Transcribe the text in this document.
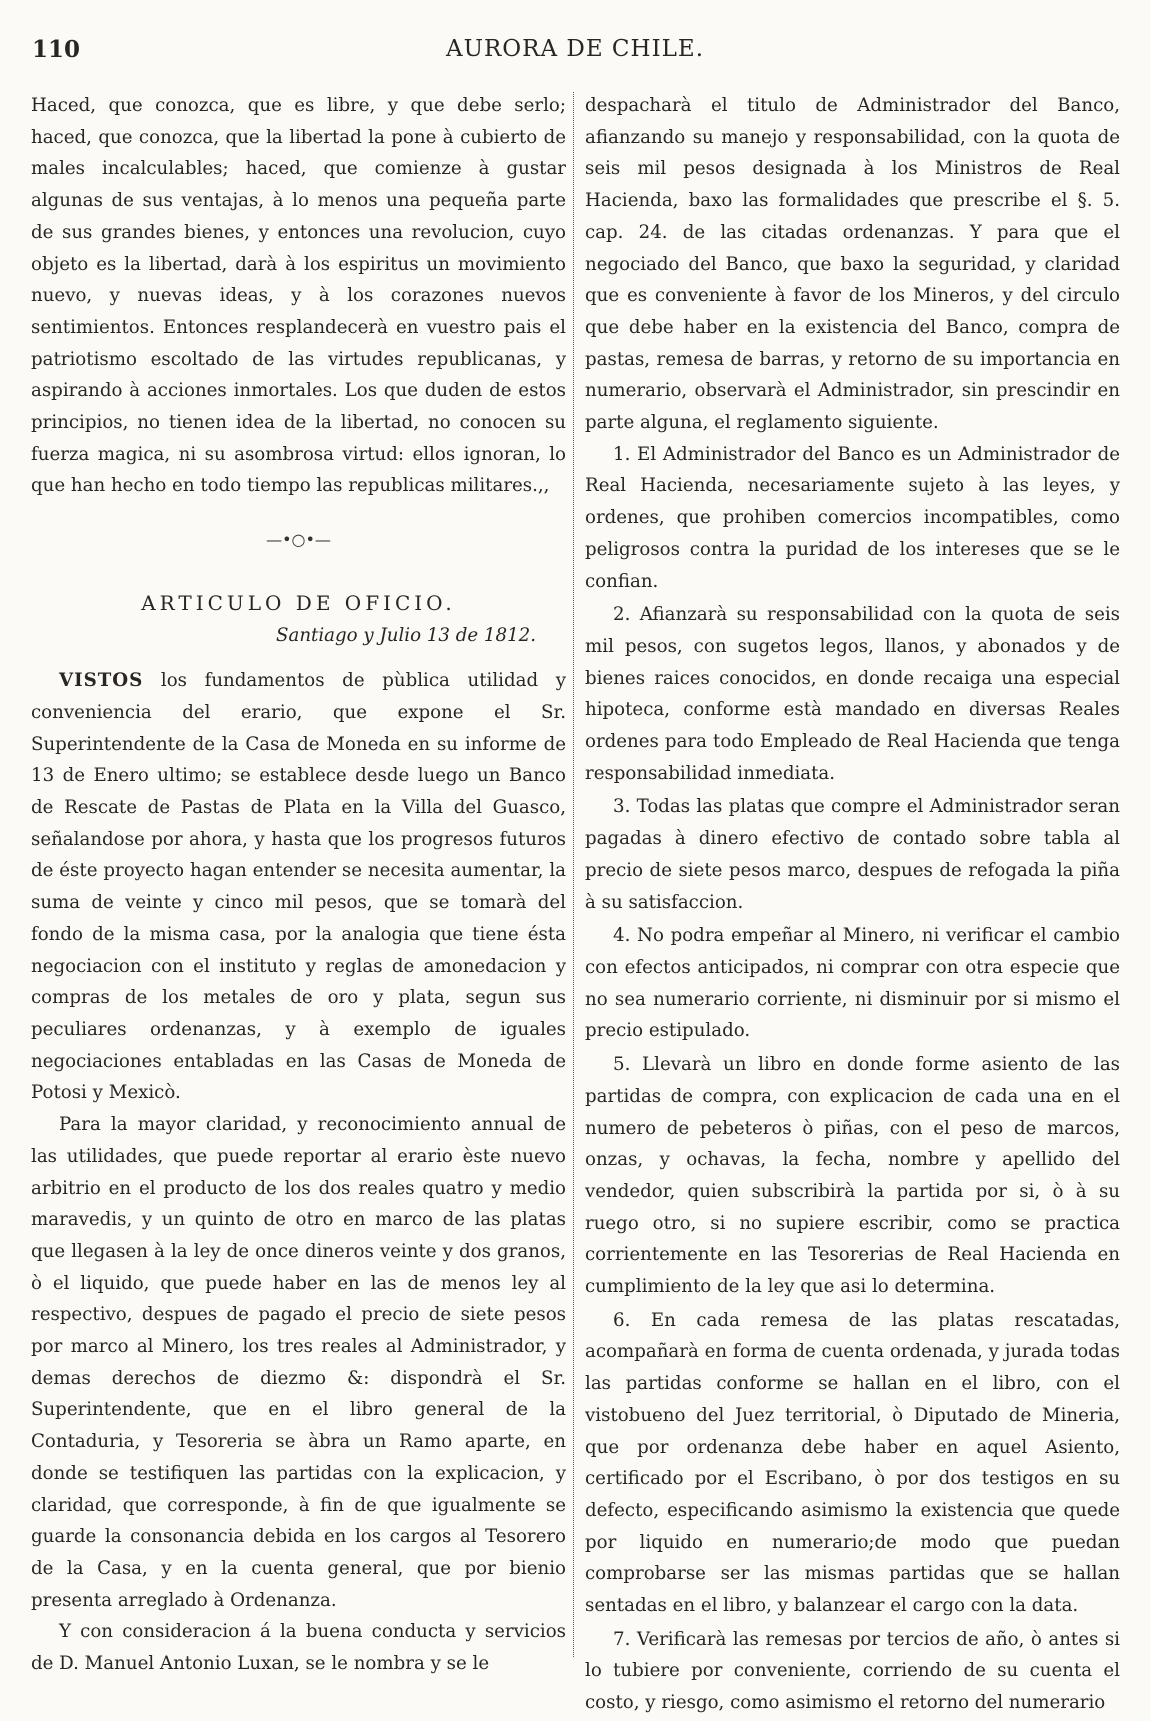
110	AURORA DE CHILE.

Haced, que conozca, que es libre, y que debe serlo; haced, que conozca, que la libertad la pone à cubierto de males incalculables; haced, que comienze à gustar algunas de sus ventajas, à lo menos una pequeña parte de sus grandes bienes, y entonces una revolucion, cuyo objeto es la libertad, darà à los espiritus un movimiento nuevo, y nuevas ideas, y à los corazones nuevos sentimientos. Entonces resplandecerà en vuestro pais el patriotismo escoltado de las virtudes republicanas, y aspirando à acciones inmortales. Los que duden de estos principios, no tienen idea de la libertad, no conocen su fuerza magica, ni su asombrosa virtud: ellos ignoran, lo que han hecho en todo tiempo las republicas militares.,,

—•○•—

ARTICULO DE OFICIO.

Santiago y Julio 13 de 1812.

VISTOS los fundamentos de pùblica utilidad y conveniencia del erario, que expone el Sr. Superintendente de la Casa de Moneda en su informe de 13 de Enero ultimo; se establece desde luego un Banco de Rescate de Pastas de Plata en la Villa del Guasco, señalandose por ahora, y hasta que los progresos futuros de éste proyecto hagan entender se necesita aumentar, la suma de veinte y cinco mil pesos, que se tomarà del fondo de la misma casa, por la analogia que tiene ésta negociacion con el instituto y reglas de amonedacion y compras de los metales de oro y plata, segun sus peculiares ordenanzas, y à exemplo de iguales negociaciones entabladas en las Casas de Moneda de Potosi y Mexicò.

Para la mayor claridad, y reconocimiento annual de las utilidades, que puede reportar al erario èste nuevo arbitrio en el producto de los dos reales quatro y medio maravedis, y un quinto de otro en marco de las platas que llegasen à la ley de once dineros veinte y dos granos, ò el liquido, que puede haber en las de menos ley al respectivo, despues de pagado el precio de siete pesos por marco al Minero, los tres reales al Administrador, y demas derechos de diezmo &: dispondrà el Sr. Superintendente, que en el libro general de la Contaduria, y Tesoreria se àbra un Ramo aparte, en donde se testifiquen las partidas con la explicacion, y claridad, que corresponde, à fin de que igualmente se guarde la consonancia debida en los cargos al Tesorero de la Casa, y en la cuenta general, que por bienio presenta arreglado à Ordenanza.

Y con consideracion á la buena conducta y servicios de D. Manuel Antonio Luxan, se le nombra y se le

despacharà el titulo de Administrador del Banco, afianzando su manejo y responsabilidad, con la quota de seis mil pesos designada à los Ministros de Real Hacienda, baxo las formalidades que prescribe el §. 5. cap. 24. de las citadas ordenanzas. Y para que el negociado del Banco, que baxo la seguridad, y claridad que es conveniente à favor de los Mineros, y del circulo que debe haber en la existencia del Banco, compra de pastas, remesa de barras, y retorno de su importancia en numerario, observarà el Administrador, sin prescindir en parte alguna, el reglamento siguiente.

1. El Administrador del Banco es un Administrador de Real Hacienda, necesariamente sujeto à las leyes, y ordenes, que prohiben comercios incompatibles, como peligrosos contra la puridad de los intereses que se le confian.

2. Afianzarà su responsabilidad con la quota de seis mil pesos, con sugetos legos, llanos, y abonados y de bienes raices conocidos, en donde recaiga una especial hipoteca, conforme està mandado en diversas Reales ordenes para todo Empleado de Real Hacienda que tenga responsabilidad inmediata.

3. Todas las platas que compre el Administrador seran pagadas à dinero efectivo de contado sobre tabla al precio de siete pesos marco, despues de refogada la piña à su satisfaccion.

4. No podra empeñar al Minero, ni verificar el cambio con efectos anticipados, ni comprar con otra especie que no sea numerario corriente, ni disminuir por si mismo el precio estipulado.

5. Llevarà un libro en donde forme asiento de las partidas de compra, con explicacion de cada una en el numero de pebeteros ò piñas, con el peso de marcos, onzas, y ochavas, la fecha, nombre y apellido del vendedor, quien subscribirà la partida por si, ò à su ruego otro, si no supiere escribir, como se practica corrientemente en las Tesorerias de Real Hacienda en cumplimiento de la ley que asi lo determina.

6. En cada remesa de las platas rescatadas, acompañarà en forma de cuenta ordenada, y jurada todas las partidas conforme se hallan en el libro, con el vistobueno del Juez territorial, ò Diputado de Mineria, que por ordenanza debe haber en aquel Asiento, certificado por el Escribano, ò por dos testigos en su defecto, especificando asimismo la existencia que quede por liquido en numerario;de modo que puedan comprobarse ser las mismas partidas que se hallan sentadas en el libro, y balanzear el cargo con la data.

7. Verificarà las remesas por tercios de año, ò antes si lo tubiere por conveniente, corriendo de su cuenta el costo, y riesgo, como asimismo el retorno del numerario
